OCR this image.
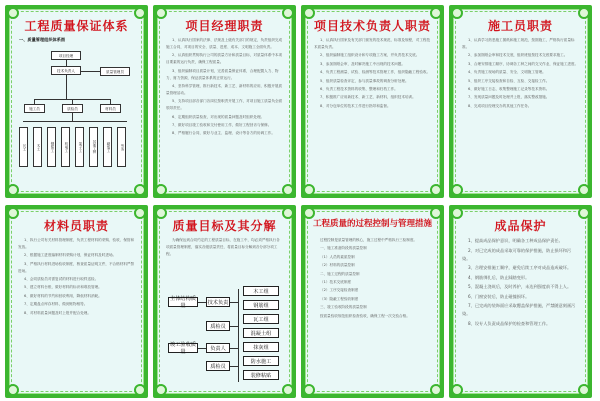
工程质量保证体系
一、质量管理组织体系图
项目经理
技术负责人	质量管理员
施工员	质检员	材料员
瓦工	木工	钢筋工	机电工	架子工	其他工种	砌墙工	劳务
项目经理职责

1、认真执行国家的法律、法规及上级有关部门的规定，负责组织完成施工合同，对项目的安全、质量、进度、成本、文明施工全面负责。

2、认真组织贯彻执行公司的质量方针和质量目标，对质量体系中本项目要素的运行负责，确保工程质量。

3、组织编制项目质量计划，完善质量保证体系，合理配置人力、物力、财力资源，保证质量体系的正常运行。

4、坚持科学管理，推行新技术、新工艺、新材料的应用，积极开展质量管理活动。

5、支持项目部各部门各岗位按职责开展工作，对项目施工质量负全面领导责任。

6、定期组织质量检查，对出现的质量问题及时组织处理。

7、做好项目竣工验收和交付使用工作，做好工程回访与保修。

8、严格履行合同，做好与业主、监理、设计等各方的协调工作。

项目技术负责人职责

1、认真执行国家及有关部门颁发的技术规范、标准及规程，对工程技术质量负责。

2、组织编制施工组织设计和专项施工方案，并负责技术交底。

3、参加图纸会审，及时解决施工中出现的技术问题。

4、负责工程测量、试验、检测等技术管理工作，组织隐蔽工程验收。

5、组织质量检查评定，参与质量事故的调查分析处理。

6、负责工程技术资料的收集、整理和归档工作。

7、积极推广应用新技术、新工艺、新材料，组织技术培训。

8、对分包单位的技术工作进行指导和监督。

施工员职责

1、认真学习熟悉施工图纸和施工规范，按图施工，严格执行质量标准。

2、参加图纸会审和技术交底，组织班组按技术交底要求施工。

3、合理安排施工顺序，协调各工种之间的交叉作业，保证施工进度。

4、负责施工现场的质量、安全、文明施工管理。

5、组织工序交接检查和自检、互检、交接检工作。

6、做好施工日志，收集整理施工记录等技术资料。

7、发现质量问题及时处理并上报，落实整改措施。

8、完成项目经理交办的其他工作任务。

材料员职责

1、执行公司有关材料管理制度，负责工程材料的采购、验收、保管和发放。

2、根据施工进度编制材料采购计划，保证材料及时进场。

3、严格执行材料进场验收制度，核查质量证明文件，不合格材料严禁进场。

4、会同质检员对需复试的材料进行取样送检。

5、建立材料台账，做好材料的标识和堆放管理。

6、做好材料的节约和回收利用，降低材料消耗。

7、定期盘点库存材料，做到账物相符。

8、对材料质量问题及时上报并配合处理。

质量目标及其分解

为确保达到合同约定的工程质量目标，在施工中，均必须严格执行各项质量管理制度，落实各级质量责任，将质量目标分解到各分部分项工程。

主体结构质量
竣工验收质量
技术负责
质检员
负责人
质检员
木工组
钢筋组
瓦工组
混凝土组
抹灰组
防水施工
装修粘贴
工程质量的过程控制与管理措施

过程控制是质量管理的核心，施工过程中严格执行三检制度。

一、施工准备阶段的质量控制

（1）人员的素质控制

（2）材料的质量控制

二、施工过程的质量控制

（1）技术交底制度

（2）工序交接检查制度

（3）隐蔽工程验收制度

三、竣工验收阶段的质量控制

按质量验收规范组织检查验收，确保工程一次交验合格。

成品保护

1、提高成品保护意识，明确各工种成品保护责任。

2、对已完成的成品采取可靠的保护措施，防止损坏和污染。

3、合理安排施工顺序，避免后续工序对成品造成破坏。

4、钢筋绑扎后，防止踩踏变形。

5、混凝土浇筑后，及时养护，未达到强度前不得上人。

6、门窗安装后，防止碰撞损坏。

7、已完成的装饰面应采取覆盖保护措施，严禁随意刻画污染。

8、设专人负责成品保护的检查和管理工作。
